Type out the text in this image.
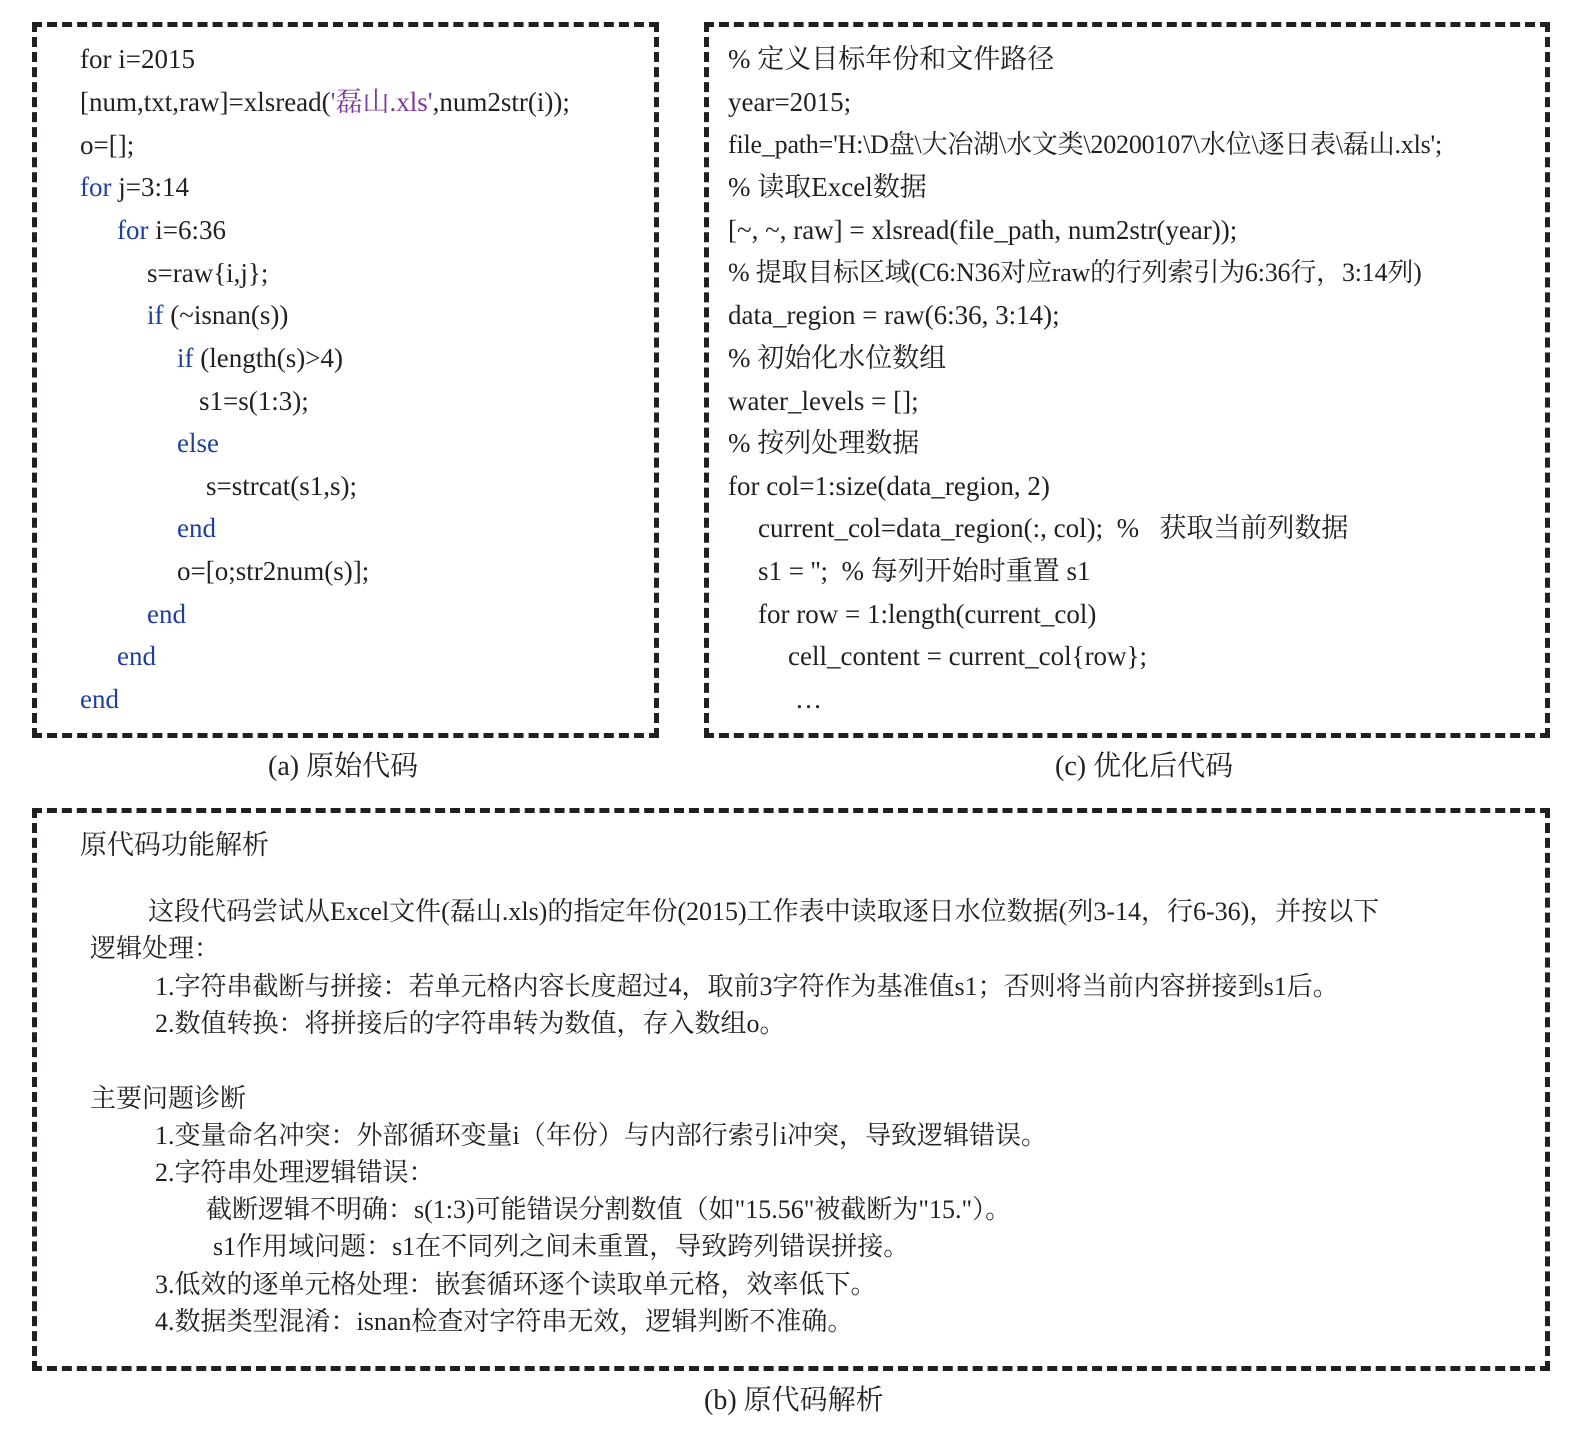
for i=2015
[num,txt,raw]=xlsread('磊山.xls',num2str(i));
o=[];
for j=3:14
for i=6:36
s=raw{i,j};
if (~isnan(s))
if (length(s)>4)
s1=s(1:3);
else
s=strcat(s1,s);
end
o=[o;str2num(s)];
end
end
end
(a) 原始代码
% 定义目标年份和文件路径
year=2015;
file_path='H:\D盘\大冶湖\水文类\20200107\水位\逐日表\磊山.xls';
% 读取Excel数据
[~, ~, raw] = xlsread(file_path, num2str(year));
% 提取目标区域(C6:N36对应raw的行列索引为6:36行，3:14列)
data_region = raw(6:36, 3:14);
% 初始化水位数组
water_levels = [];
% 按列处理数据
for col=1:size(data_region, 2)
current_col=data_region(:, col);  %   获取当前列数据
s1 = '';  % 每列开始时重置 s1
for row = 1:length(current_col)
cell_content = current_col{row};
…
(c) 优化后代码
原代码功能解析
这段代码尝试从Excel文件(磊山.xls)的指定年份(2015)工作表中读取逐日水位数据(列3-14，行6-36)，并按以下
逻辑处理：
1.字符串截断与拼接：若单元格内容长度超过4，取前3字符作为基准值s1；否则将当前内容拼接到s1后。
2.数值转换：将拼接后的字符串转为数值，存入数组o。
主要问题诊断
1.变量命名冲突：外部循环变量i（年份）与内部行索引i冲突，导致逻辑错误。
2.字符串处理逻辑错误：
截断逻辑不明确：s(1:3)可能错误分割数值（如"15.56"被截断为"15."）。
s1作用域问题：s1在不同列之间未重置，导致跨列错误拼接。
3.低效的逐单元格处理：嵌套循环逐个读取单元格，效率低下。
4.数据类型混淆：isnan检查对字符串无效，逻辑判断不准确。
(b) 原代码解析
